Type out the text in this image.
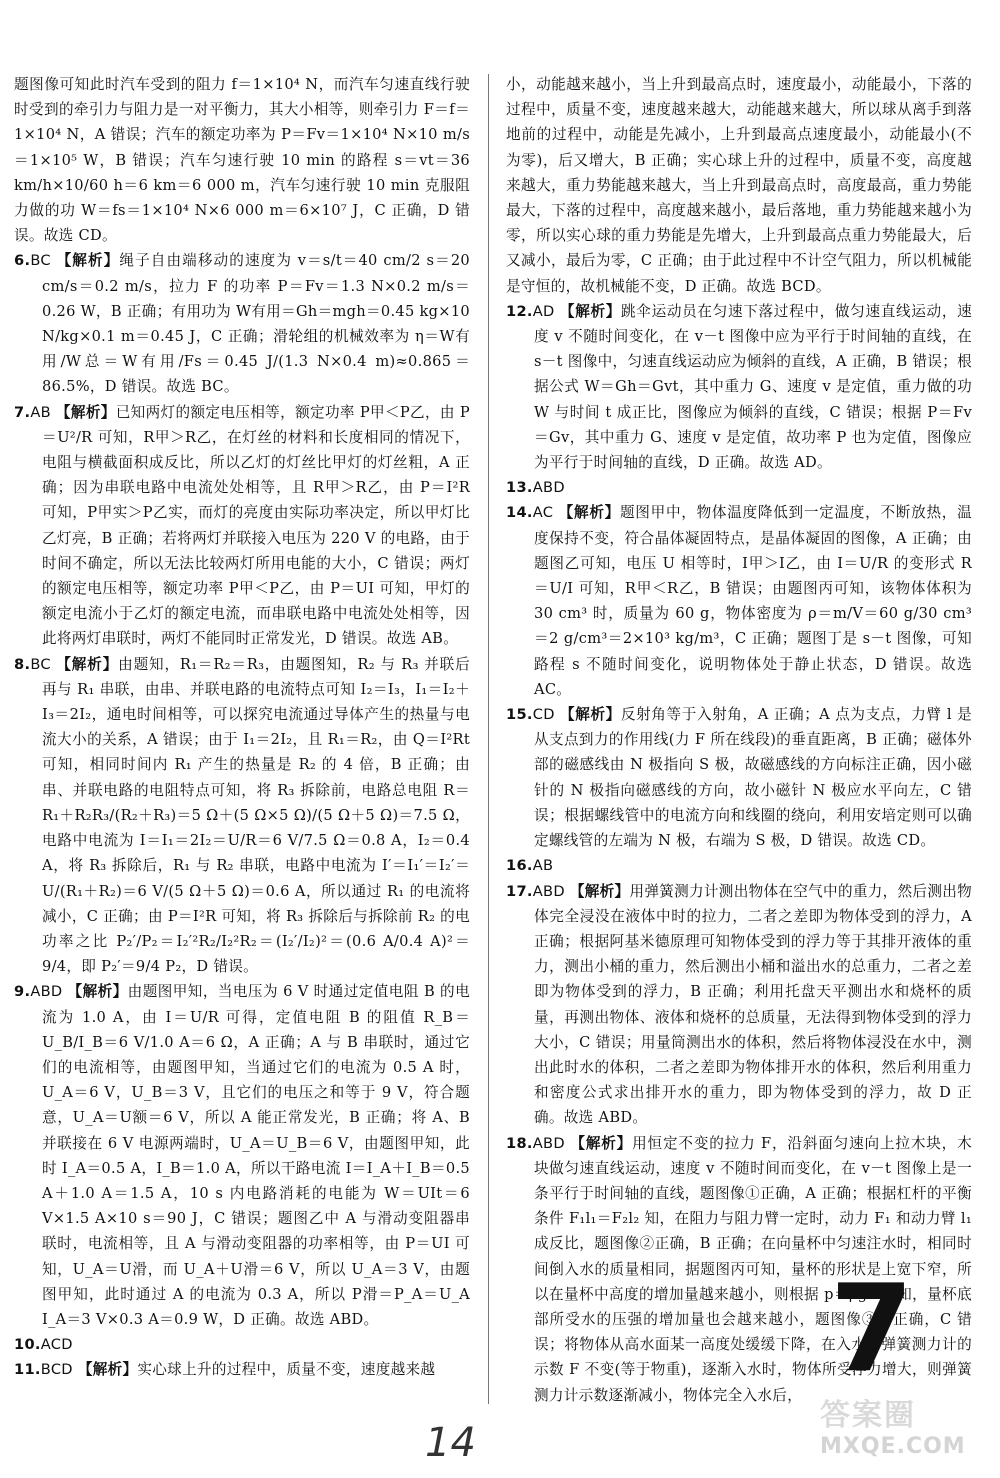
题图像可知此时汽车受到的阻力 f＝1×10⁴ N，而汽车匀速直线行驶时受到的牵引力与阻力是一对平衡力，其大小相等，则牵引力 F＝f＝1×10⁴ N，A 错误；汽车的额定功率为 P＝Fv＝1×10⁴ N×10 m/s＝1×10⁵ W，B 错误；汽车匀速行驶 10 min 的路程 s＝vt＝36 km/h×10/60 h＝6 km＝6 000 m，汽车匀速行驶 10 min 克服阻力做的功 W＝fs＝1×10⁴ N×6 000 m＝6×10⁷ J，C 正确，D 错误。故选 CD。

6.BC 【解析】绳子自由端移动的速度为 v＝s/t＝40 cm/2 s＝20 cm/s＝0.2 m/s，拉力 F 的功率 P＝Fv＝1.3 N×0.2 m/s＝0.26 W，B 正确；有用功为 W有用＝Gh＝mgh＝0.45 kg×10 N/kg×0.1 m＝0.45 J，C 正确；滑轮组的机械效率为 η＝W有用/W总＝W有用/Fs＝0.45 J/(1.3 N×0.4 m)≈0.865＝86.5%，D 错误。故选 BC。

7.AB 【解析】已知两灯的额定电压相等，额定功率 P甲＜P乙，由 P＝U²/R 可知，R甲＞R乙，在灯丝的材料和长度相同的情况下，电阻与横截面积成反比，所以乙灯的灯丝比甲灯的灯丝粗，A 正确；因为串联电路中电流处处相等，且 R甲＞R乙，由 P＝I²R 可知，P甲实＞P乙实，而灯的亮度由实际功率决定，所以甲灯比乙灯亮，B 正确；若将两灯并联接入电压为 220 V 的电路，由于时间不确定，所以无法比较两灯所用电能的大小，C 错误；两灯的额定电压相等，额定功率 P甲＜P乙，由 P＝UI 可知，甲灯的额定电流小于乙灯的额定电流，而串联电路中电流处处相等，因此将两灯串联时，两灯不能同时正常发光，D 错误。故选 AB。

8.BC 【解析】由题知，R₁＝R₂＝R₃，由题图知，R₂ 与 R₃ 并联后再与 R₁ 串联，由串、并联电路的电流特点可知 I₂＝I₃，I₁＝I₂＋I₃＝2I₂，通电时间相等，可以探究电流通过导体产生的热量与电流大小的关系，A 错误；由于 I₁＝2I₂，且 R₁＝R₂，由 Q＝I²Rt 可知，相同时间内 R₁ 产生的热量是 R₂ 的 4 倍，B 正确；由串、并联电路的电阻特点可知，将 R₃ 拆除前，电路总电阻 R＝R₁＋R₂R₃/(R₂＋R₃)＝5 Ω＋(5 Ω×5 Ω)/(5 Ω＋5 Ω)＝7.5 Ω，电路中电流为 I＝I₁＝2I₂＝U/R＝6 V/7.5 Ω＝0.8 A，I₂＝0.4 A，将 R₃ 拆除后，R₁ 与 R₂ 串联，电路中电流为 I′＝I₁′＝I₂′＝U/(R₁＋R₂)＝6 V/(5 Ω＋5 Ω)＝0.6 A，所以通过 R₁ 的电流将减小，C 正确；由 P＝I²R 可知，将 R₃ 拆除后与拆除前 R₂ 的电功率之比 P₂′/P₂＝I₂′²R₂/I₂²R₂＝(I₂′/I₂)²＝(0.6 A/0.4 A)²＝9/4，即 P₂′＝9/4 P₂，D 错误。

9.ABD 【解析】由题图甲知，当电压为 6 V 时通过定值电阻 B 的电流为 1.0 A，由 I＝U/R 可得，定值电阻 B 的阻值 R_B＝U_B/I_B＝6 V/1.0 A＝6 Ω，A 正确；A 与 B 串联时，通过它们的电流相等，由题图甲知，当通过它们的电流为 0.5 A 时，U_A＝6 V，U_B＝3 V，且它们的电压之和等于 9 V，符合题意，U_A＝U额＝6 V，所以 A 能正常发光，B 正确；将 A、B 并联接在 6 V 电源两端时，U_A＝U_B＝6 V，由题图甲知，此时 I_A＝0.5 A，I_B＝1.0 A，所以干路电流 I＝I_A＋I_B＝0.5 A＋1.0 A＝1.5 A，10 s 内电路消耗的电能为 W＝UIt＝6 V×1.5 A×10 s＝90 J，C 错误；题图乙中 A 与滑动变阻器串联时，电流相等，且 A 与滑动变阻器的功率相等，由 P＝UI 可知，U_A＝U滑，而 U_A＋U滑＝6 V，所以 U_A＝3 V，由题图甲知，此时通过 A 的电流为 0.3 A，所以 P滑＝P_A＝U_A I_A＝3 V×0.3 A＝0.9 W，D 正确。故选 ABD。

10.ACD

11.BCD 【解析】实心球上升的过程中，质量不变，速度越来越

小，动能越来越小，当上升到最高点时，速度最小，动能最小，下落的过程中，质量不变，速度越来越大，动能越来越大，所以球从离手到落地前的过程中，动能是先减小，上升到最高点速度最小，动能最小(不为零)，后又增大，B 正确；实心球上升的过程中，质量不变，高度越来越大，重力势能越来越大，当上升到最高点时，高度最高，重力势能最大，下落的过程中，高度越来越小，最后落地，重力势能越来越小为零，所以实心球的重力势能是先增大，上升到最高点重力势能最大，后又减小，最后为零，C 正确；由于此过程中不计空气阻力，所以机械能是守恒的，故机械能不变，D 正确。故选 BCD。

12.AD 【解析】跳伞运动员在匀速下落过程中，做匀速直线运动，速度 v 不随时间变化，在 v－t 图像中应为平行于时间轴的直线，在 s－t 图像中，匀速直线运动应为倾斜的直线，A 正确，B 错误；根据公式 W＝Gh＝Gvt，其中重力 G、速度 v 是定值，重力做的功 W 与时间 t 成正比，图像应为倾斜的直线，C 错误；根据 P＝Fv＝Gv，其中重力 G、速度 v 是定值，故功率 P 也为定值，图像应为平行于时间轴的直线，D 正确。故选 AD。

13.ABD

14.AC 【解析】题图甲中，物体温度降低到一定温度，不断放热，温度保持不变，符合晶体凝固特点，是晶体凝固的图像，A 正确；由题图乙可知，电压 U 相等时，I甲＞I乙，由 I＝U/R 的变形式 R＝U/I 可知，R甲＜R乙，B 错误；由题图丙可知，该物体体积为 30 cm³ 时，质量为 60 g，物体密度为 ρ＝m/V＝60 g/30 cm³＝2 g/cm³＝2×10³ kg/m³，C 正确；题图丁是 s－t 图像，可知路程 s 不随时间变化，说明物体处于静止状态，D 错误。故选 AC。

15.CD 【解析】反射角等于入射角，A 正确；A 点为支点，力臂 l 是从支点到力的作用线(力 F 所在线段)的垂直距离，B 正确；磁体外部的磁感线由 N 极指向 S 极，故磁感线的方向标注正确，因小磁针的 N 极指向磁感线的方向，故小磁针 N 极应水平向左，C 错误；根据螺线管中的电流方向和线圈的绕向，利用安培定则可以确定螺线管的左端为 N 极，右端为 S 极，D 错误。故选 CD。

16.AB

17.ABD 【解析】用弹簧测力计测出物体在空气中的重力，然后测出物体完全浸没在液体中时的拉力，二者之差即为物体受到的浮力，A 正确；根据阿基米德原理可知物体受到的浮力等于其排开液体的重力，测出小桶的重力，然后测出小桶和溢出水的总重力，二者之差即为物体受到的浮力，B 正确；利用托盘天平测出水和烧杯的质量，再测出物体、液体和烧杯的总质量，无法得到物体受到的浮力大小，C 错误；用量筒测出水的体积，然后将物体浸没在水中，测出此时水的体积，二者之差即为物体排开水的体积，然后利用重力和密度公式求出排开水的重力，即为物体受到的浮力，故 D 正确。故选 ABD。

18.ABD 【解析】用恒定不变的拉力 F，沿斜面匀速向上拉木块，木块做匀速直线运动，速度 v 不随时间而变化，在 v－t 图像上是一条平行于时间轴的直线，题图像①正确，A 正确；根据杠杆的平衡条件 F₁l₁＝F₂l₂ 知，在阻力与阻力臂一定时，动力 F₁ 和动力臂 l₁ 成反比，题图像②正确，B 正确；在向量杯中匀速注水时，相同时间倒入水的质量相同，据题图丙可知，量杯的形状是上宽下窄，所以在量杯中高度的增加量越来越小，则根据 p＝ρgh 可知，量杯底部所受水的压强的增加量也会越来越小，题图像③不正确，C 错误；将物体从高水面某一高度处缓缓下降，在入水前弹簧测力计的示数 F 不变(等于物重)，逐渐入水时，物体所受浮力增大，则弹簧测力计示数逐渐减小，物体完全入水后， 7
14
答案圈
MXQE.COM
